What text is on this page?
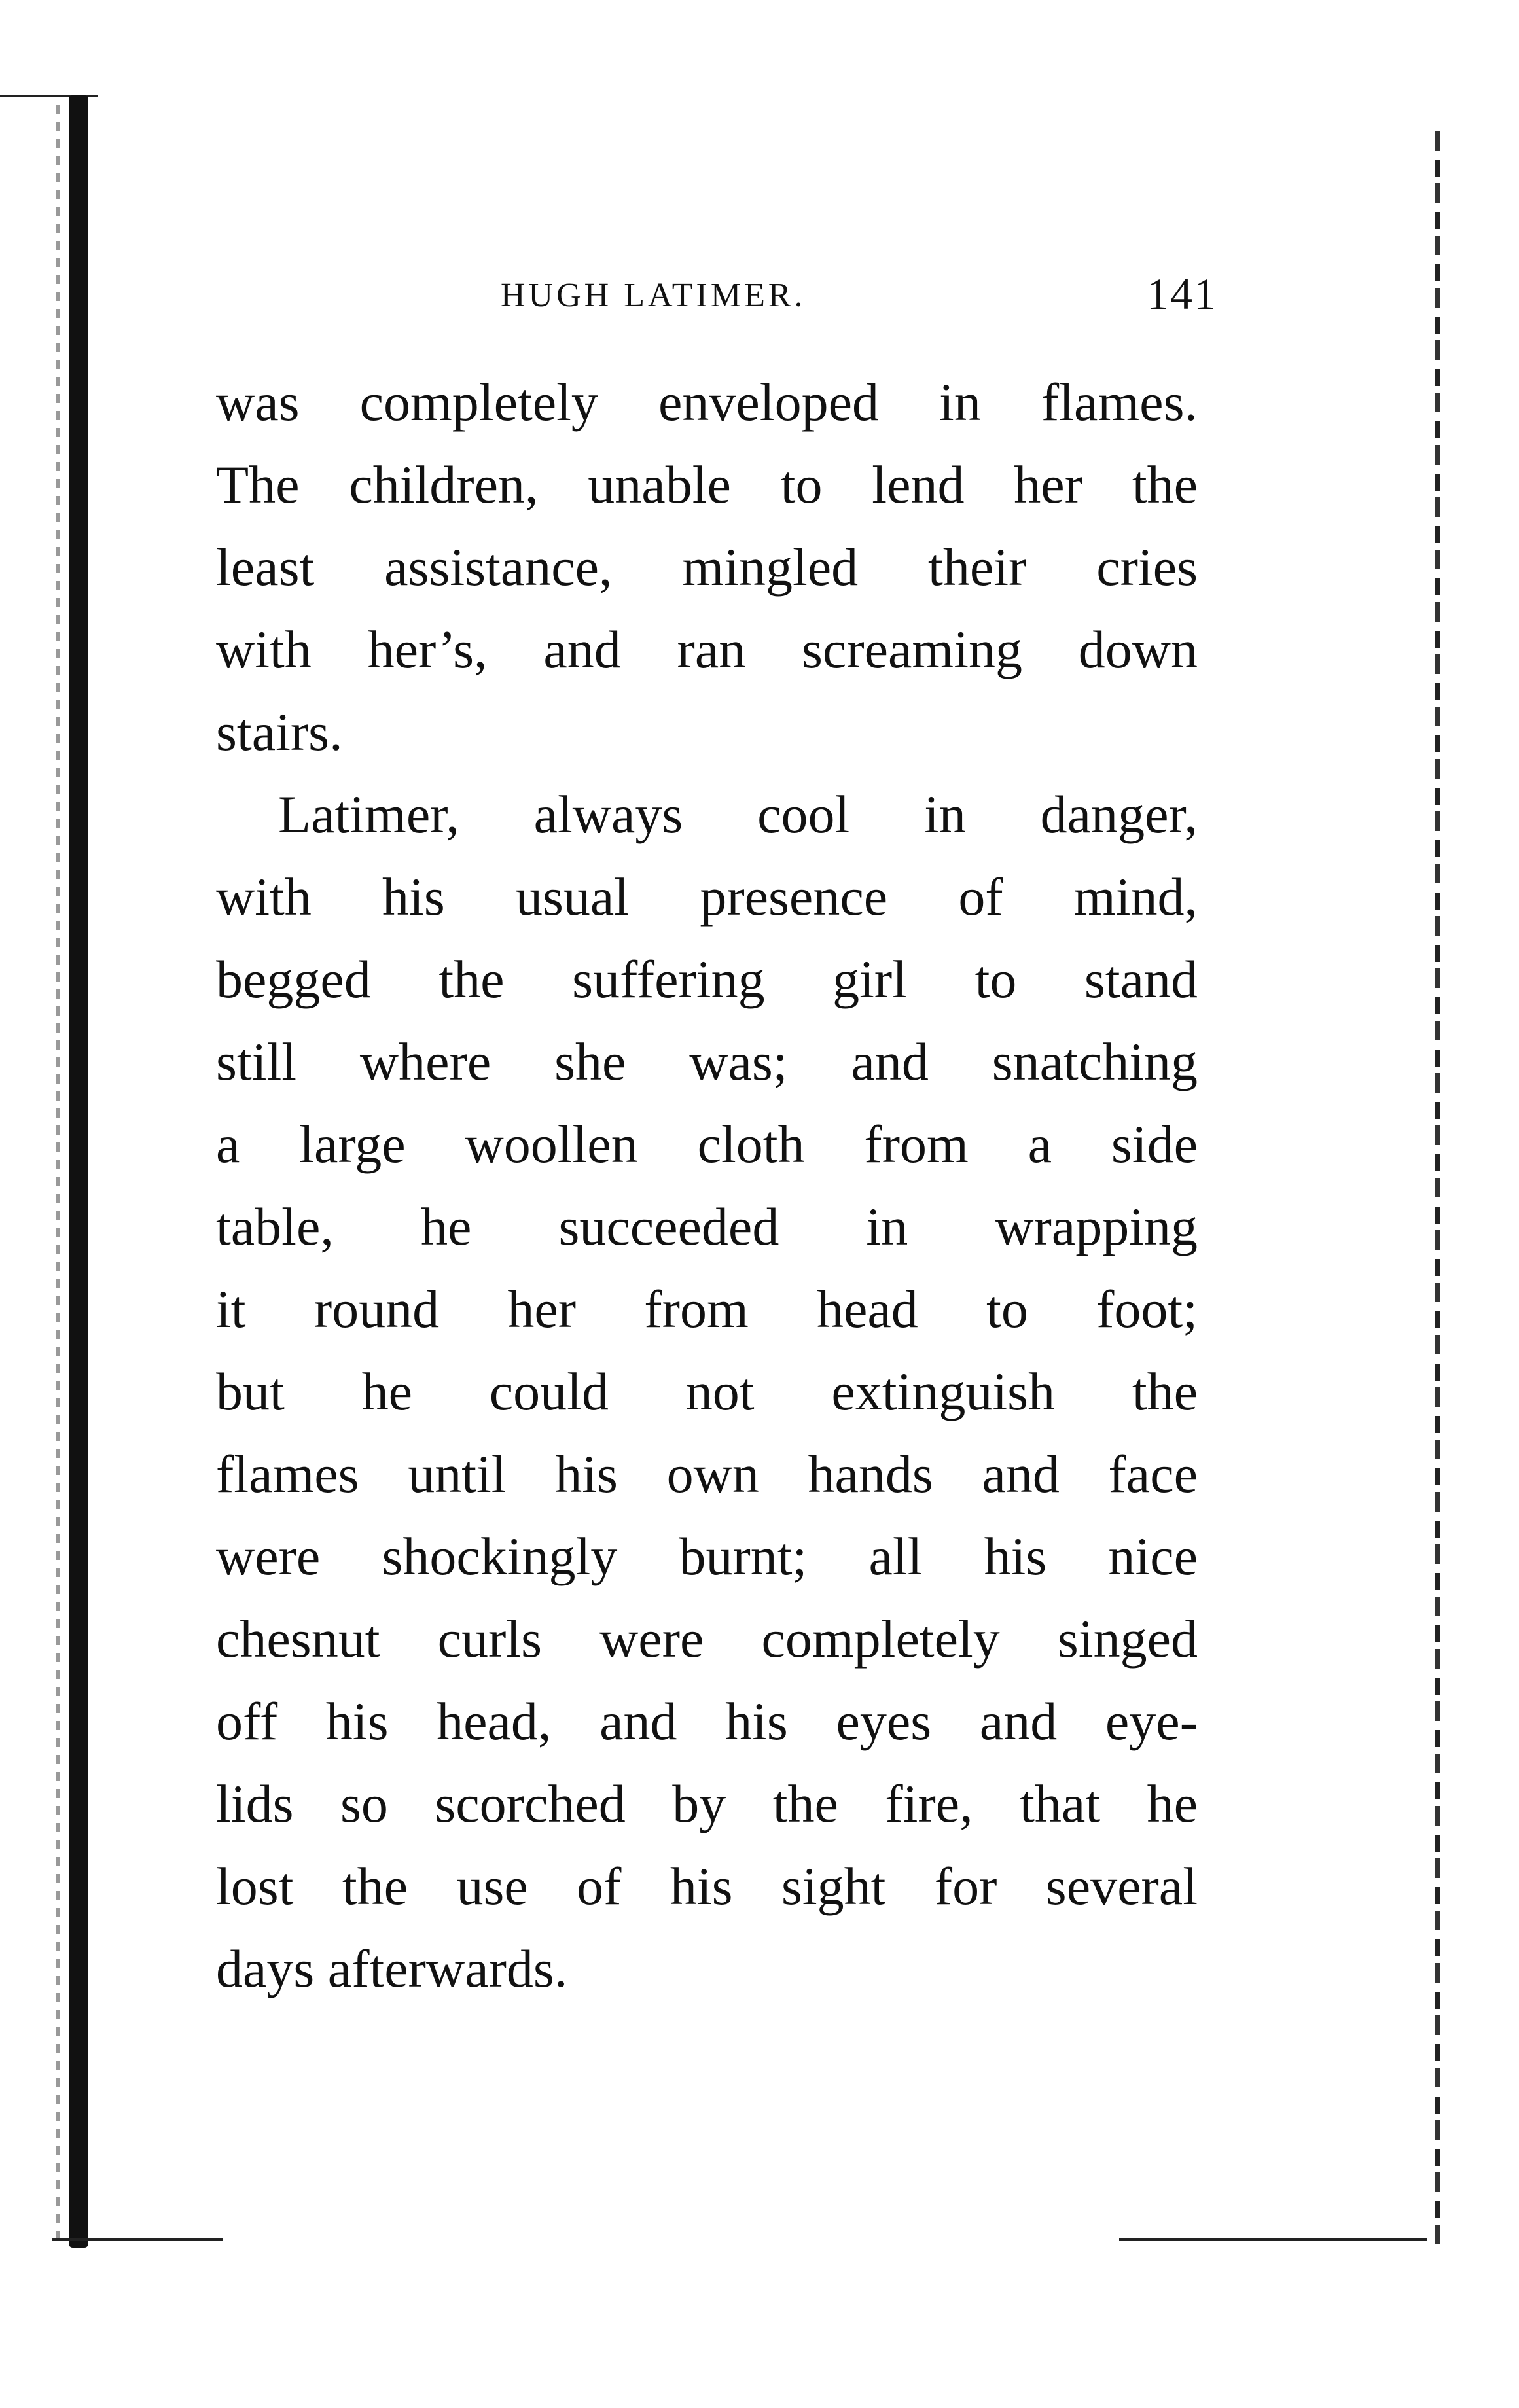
HUGH LATIMER.	141
was completely enveloped in flames.
The children, unable to lend her the
least assistance, mingled their cries
with her’s, and ran screaming down
stairs.
Latimer, always cool in danger,
with his usual presence of mind,
begged the suffering girl to stand
still where she was; and snatching
a large woollen cloth from a side
table, he succeeded in wrapping
it round her from head to foot;
but he could not extinguish the
flames until his own hands and face
were shockingly burnt; all his nice
chesnut curls were completely singed
off his head, and his eyes and eye-
lids so scorched by the fire, that he
lost the use of his sight for several
days afterwards.
